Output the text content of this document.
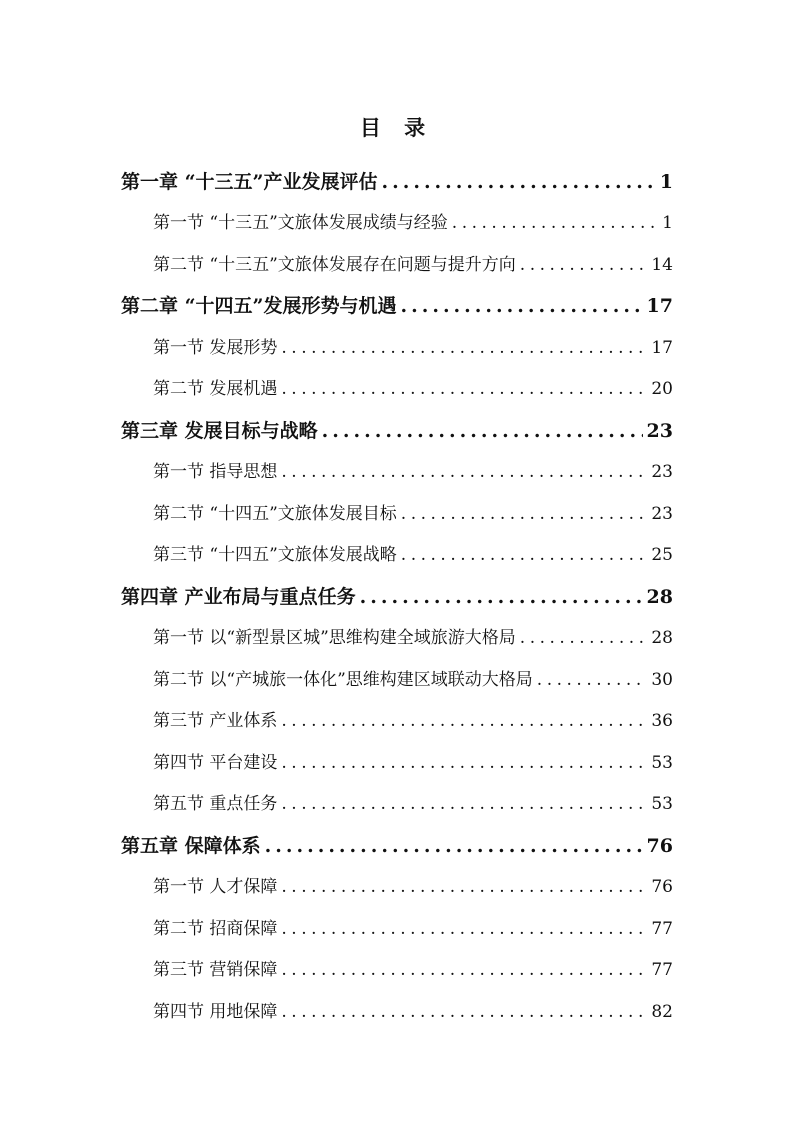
目 录
第一章 “十三五”产业发展评估 .....	1
第一节 “十三五”文旅体发展成绩与经验 .....	1
第二节 “十三五”文旅体发展存在问题与提升方向 .....	14
第二章 “十四五”发展形势与机遇 .....	17
第一节 发展形势 .....	17
第二节 发展机遇 .....	20
第三章 发展目标与战略 .....	23
第一节 指导思想 .....	23
第二节 “十四五”文旅体发展目标 .....	23
第三节 “十四五”文旅体发展战略 .....	25
第四章 产业布局与重点任务 .....	28
第一节 以“新型景区城”思维构建全域旅游大格局 .....	28
第二节 以“产城旅一体化”思维构建区域联动大格局 .....	30
第三节 产业体系 .....	36
第四节 平台建设 .....	53
第五节 重点任务 .....	53
第五章 保障体系 .....	76
第一节 人才保障 .....	76
第二节 招商保障 .....	77
第三节 营销保障 .....	77
第四节 用地保障 .....	82
